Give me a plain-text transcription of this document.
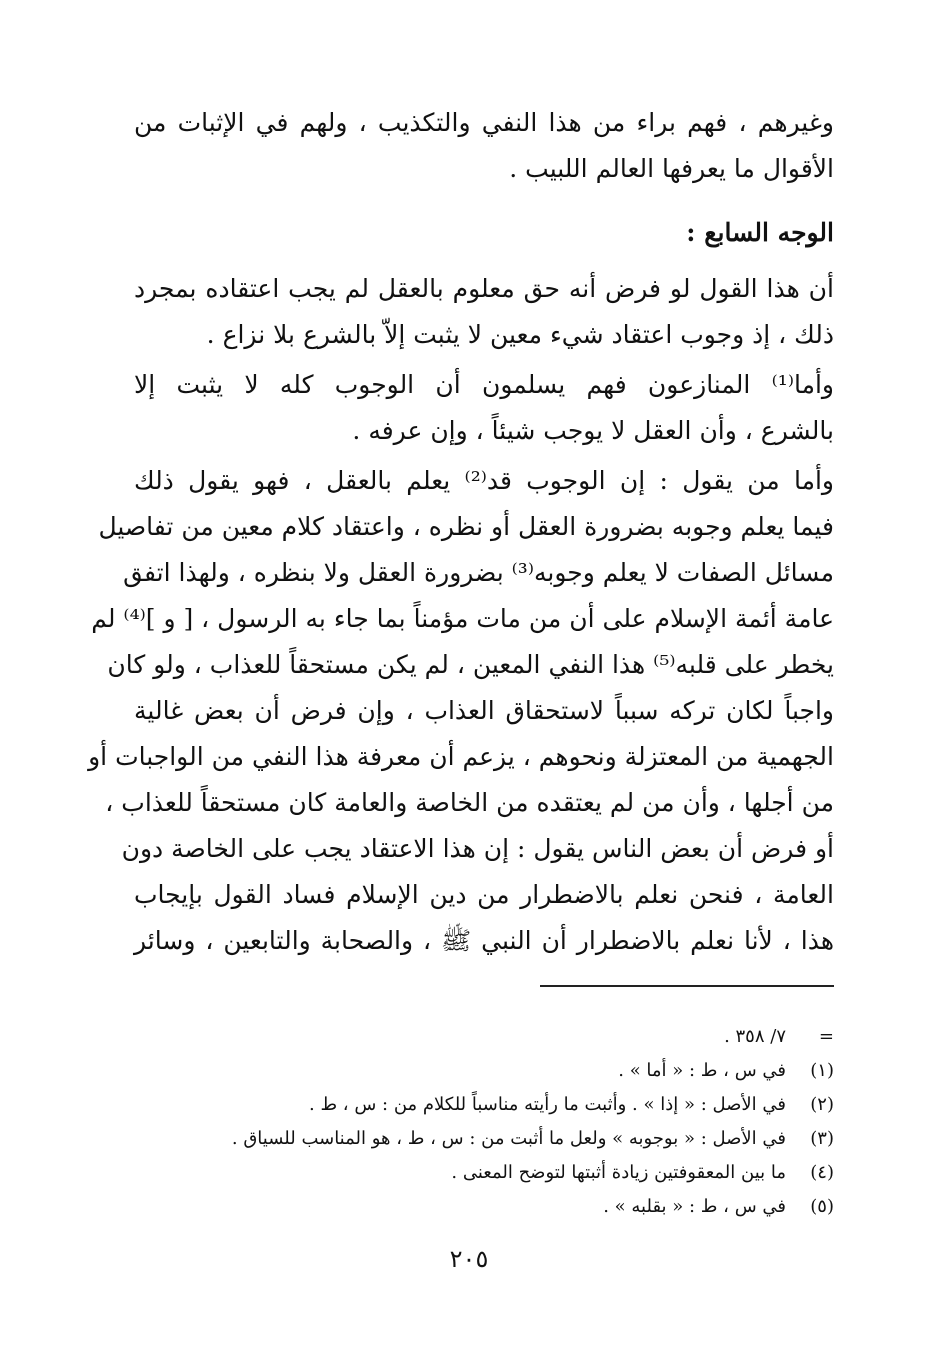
وغيرهم ، فهم براء من هذا النفي والتكذيب ، ولهم في الإثبات من
الأقوال ما يعرفها العالم اللبيب .
الوجه السابع :
أن هذا القول لو فرض أنه حق معلوم بالعقل لم يجب اعتقاده بمجرد
ذلك ، إذ وجوب اعتقاد شيء معين لا يثبت إلاّ بالشرع بلا نزاع .
وأما⁽¹⁾ المنازعون فهم يسلمون أن الوجوب كله لا يثبت إلا
بالشرع ، وأن العقل لا يوجب شيئاً ، وإن عرفه .
وأما من يقول : إن الوجوب قد⁽²⁾ يعلم بالعقل ، فهو يقول ذلك
فيما يعلم وجوبه بضرورة العقل أو نظره ، واعتقاد كلام معين من تفاصيل
مسائل الصفات لا يعلم وجوبه⁽³⁾ بضرورة العقل ولا بنظره ، ولهذا اتفق
عامة أئمة الإسلام على أن من مات مؤمناً بما جاء به الرسول ، [ و ]⁽⁴⁾ لم
يخطر على قلبه⁽⁵⁾ هذا النفي المعين ، لم يكن مستحقاً للعذاب ، ولو كان
واجباً لكان تركه سبباً لاستحقاق العذاب ، وإن فرض أن بعض غالية
الجهمية من المعتزلة ونحوهم ، يزعم أن معرفة هذا النفي من الواجبات أو
من أجلها ، وأن من لم يعتقده من الخاصة والعامة كان مستحقاً للعذاب ،
أو فرض أن بعض الناس يقول : إن هذا الاعتقاد يجب على الخاصة دون
العامة ، فنحن نعلم بالاضطرار من دين الإسلام فساد القول بإيجاب
هذا ، لأنا نعلم بالاضطرار أن النبي ﷺ ، والصحابة والتابعين ، وسائر
=
٧/ ٣٥٨ .
(١)
في س ، ط : « أما » .
(٢)
في الأصل : « إذا » . وأثبت ما رأيته مناسباً للكلام من : س ، ط .
(٣)
في الأصل : « بوجوبه » ولعل ما أثبت من : س ، ط ، هو المناسب للسياق .
(٤)
ما بين المعقوفتين زيادة أثبتها لتوضح المعنى .
(٥)
في س ، ط : « بقلبه » .
٢٠٥
